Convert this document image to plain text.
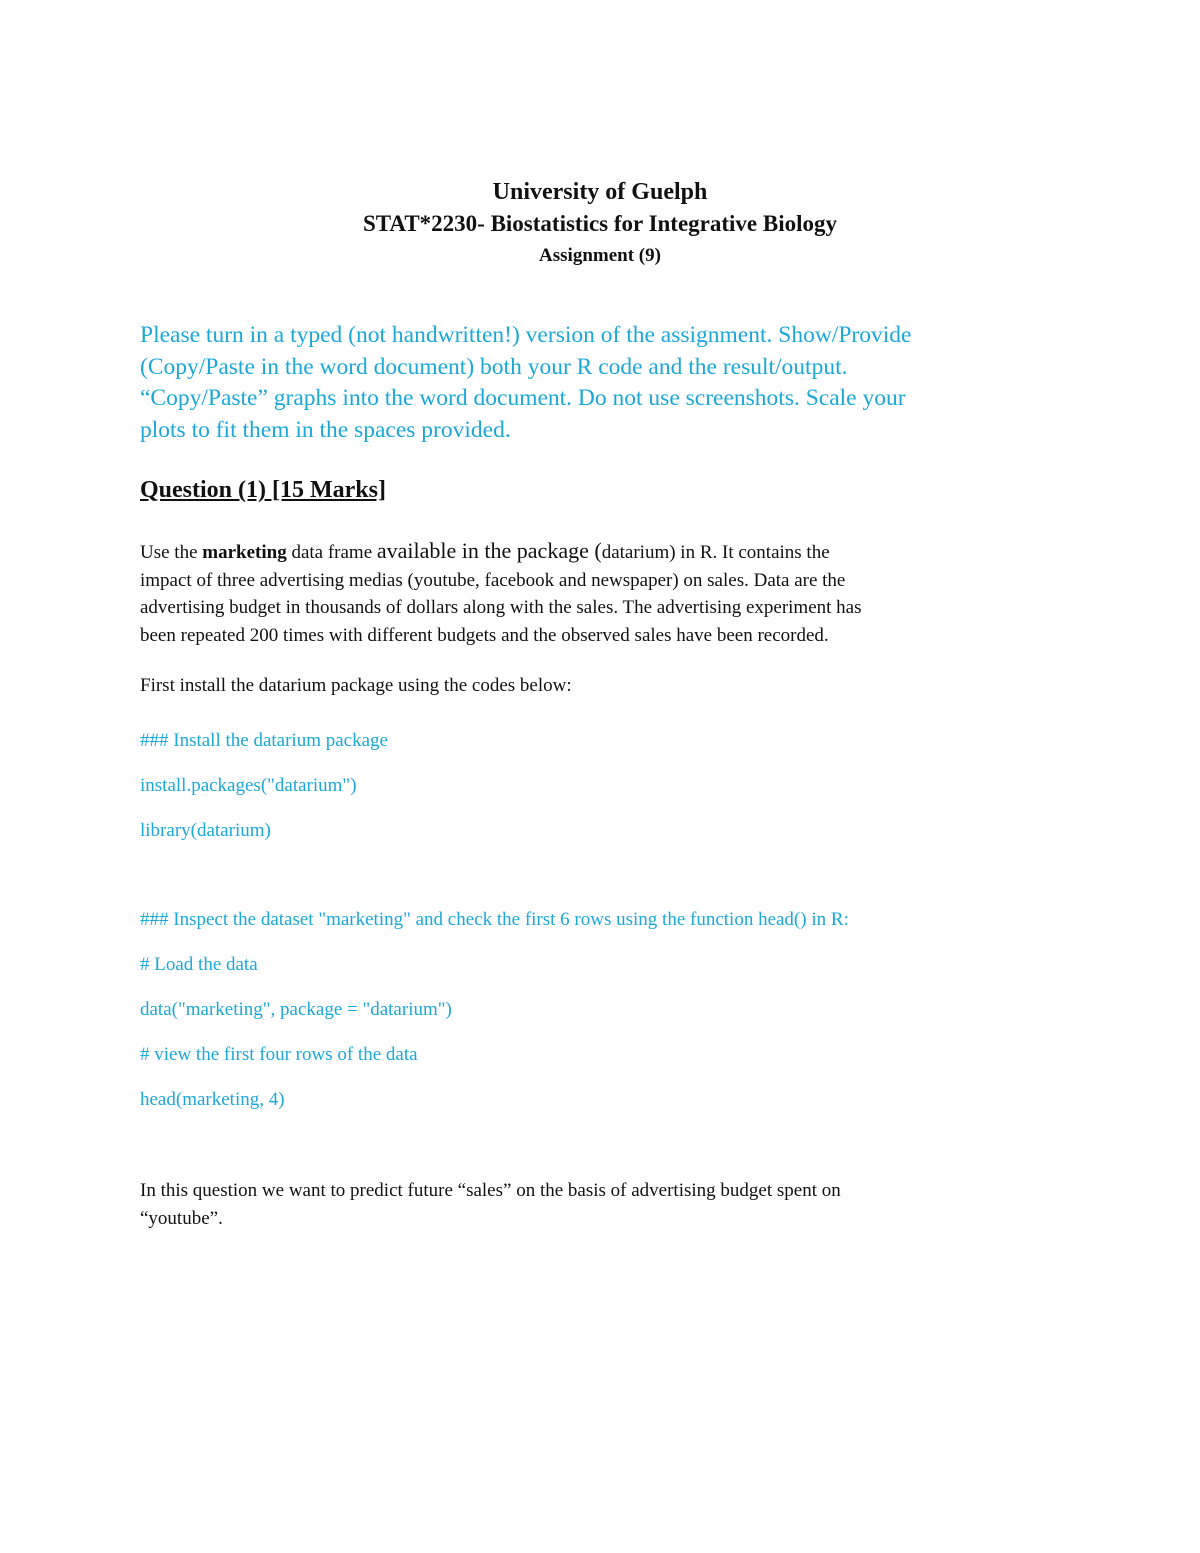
University of Guelph
STAT*2230- Biostatistics for Integrative Biology
Assignment (9)

Please turn in a typed (not handwritten!) version of the assignment. Show/Provide
(Copy/Paste in the word document) both your R code and the result/output.
“Copy/Paste” graphs into the word document. Do not use screenshots. Scale your
plots to fit them in the spaces provided.

Question (1) [15 Marks]

Use the marketing data frame available in the package (datarium) in R. It contains the
impact of three advertising medias (youtube, facebook and newspaper) on sales. Data are the
advertising budget in thousands of dollars along with the sales. The advertising experiment has
been repeated 200 times with different budgets and the observed sales have been recorded.

First install the datarium package using the codes below:

### Install the datarium package

install.packages("datarium")

library(datarium)

### Inspect the dataset "marketing" and check the first 6 rows using the function head() in R:

# Load the data

data("marketing", package = "datarium")

# view the first four rows of the data

head(marketing, 4)

In this question we want to predict future “sales” on the basis of advertising budget spent on
“youtube”.
